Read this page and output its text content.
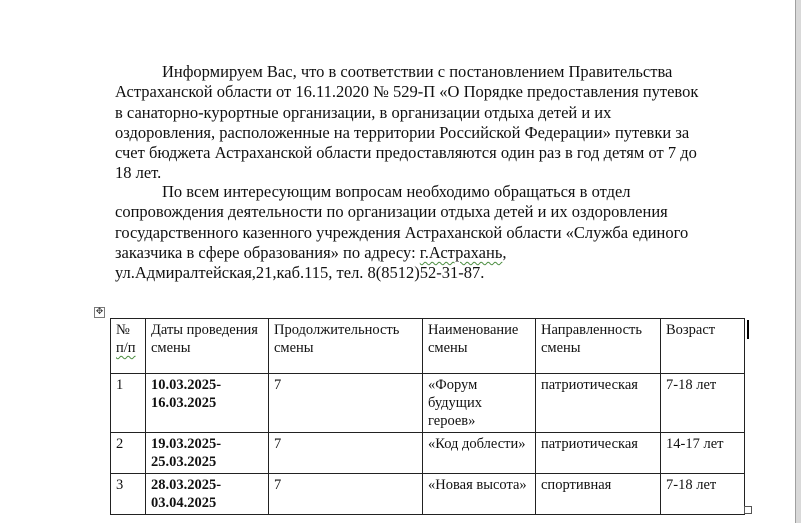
Информируем Вас, что в соответствии с постановлением Правительства
Астраханской области от 16.11.2020 № 529-П «О Порядке предоставления путевок
в санаторно-курортные организации, в организации отдыха детей и их
оздоровления, расположенные на территории Российской Федерации» путевки за
счет бюджета Астраханской области предоставляются один раз в год детям от 7 до
18 лет.
По всем интересующим вопросам необходимо обращаться в отдел
сопровождения деятельности по организации отдыха детей и их оздоровления
государственного казенного учреждения Астраханской области «Служба единого
заказчика в сфере образования» по адресу: г.Астрахань,
ул.Адмиралтейская,21,каб.115, тел. 8(8512)52-31-87.
✥
№
п/п	Даты проведения смены	Продолжительность смены	Наименование смены	Направленность смены	Возраст
1	10.03.2025-16.03.2025	7	«Форум будущих героев»	патриотическая	7-18 лет
2	19.03.2025-25.03.2025	7	«Код доблести»	патриотическая	14-17 лет
3	28.03.2025-03.04.2025	7	«Новая высота»	спортивная	7-18 лет
